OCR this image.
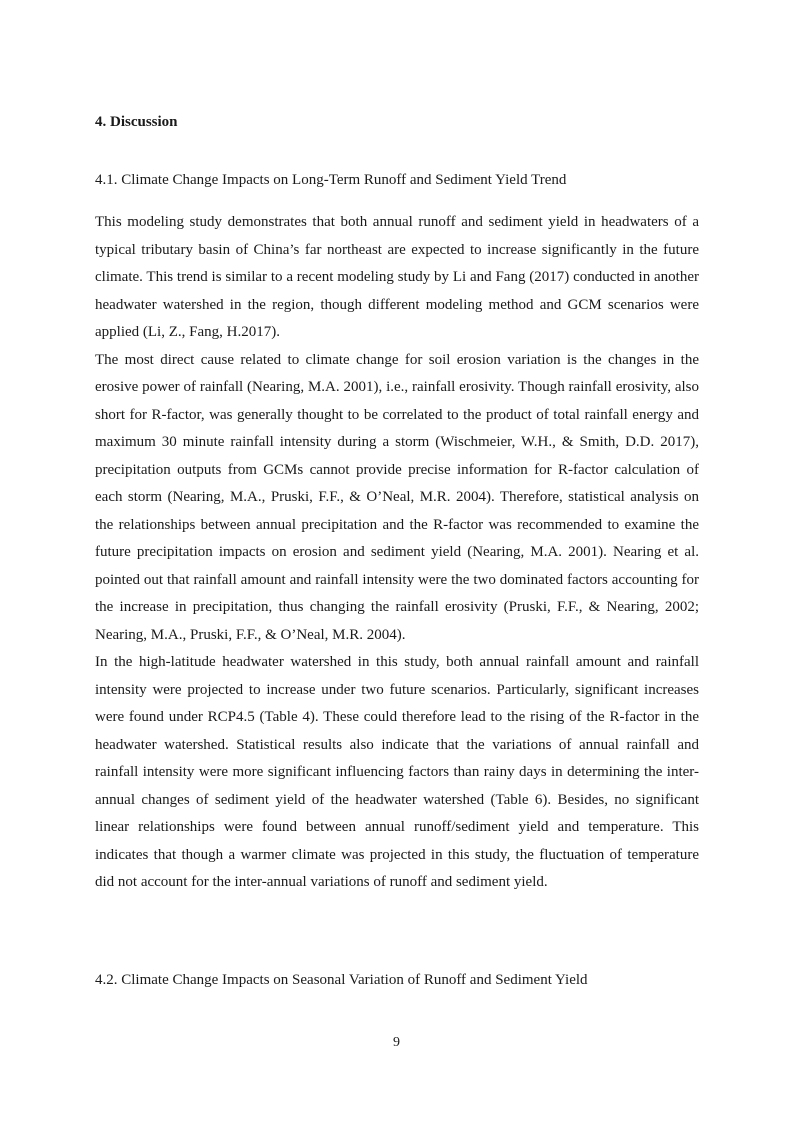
4. Discussion
4.1. Climate Change Impacts on Long-Term Runoff and Sediment Yield Trend

This modeling study demonstrates that both annual runoff and sediment yield in headwaters of a typical tributary basin of China’s far northeast are expected to increase significantly in the future climate. This trend is similar to a recent modeling study by Li and Fang (2017) conducted in another headwater watershed in the region, though different modeling method and GCM scenarios were applied (Li, Z., Fang, H.2017).

The most direct cause related to climate change for soil erosion variation is the changes in the erosive power of rainfall (Nearing, M.A. 2001), i.e., rainfall erosivity. Though rainfall erosivity, also short for R-factor, was generally thought to be correlated to the product of total rainfall energy and maximum 30 minute rainfall intensity during a storm (Wischmeier, W.H., & Smith, D.D. 2017), precipitation outputs from GCMs cannot provide precise information for R-factor calculation of each storm (Nearing, M.A., Pruski, F.F., & O’Neal, M.R. 2004). Therefore, statistical analysis on the relationships between annual precipitation and the R-factor was recommended to examine the future precipitation impacts on erosion and sediment yield (Nearing, M.A. 2001). Nearing et al. pointed out that rainfall amount and rainfall intensity were the two dominated factors accounting for the increase in precipitation, thus changing the rainfall erosivity (Pruski, F.F., & Nearing, 2002; Nearing, M.A., Pruski, F.F., & O’Neal, M.R. 2004).

In the high-latitude headwater watershed in this study, both annual rainfall amount and rainfall intensity were projected to increase under two future scenarios. Particularly, significant increases were found under RCP4.5 (Table 4). These could therefore lead to the rising of the R-factor in the headwater watershed. Statistical results also indicate that the variations of annual rainfall and rainfall intensity were more significant influencing factors than rainy days in determining the inter-annual changes of sediment yield of the headwater watershed (Table 6). Besides, no significant linear relationships were found between annual runoff/sediment yield and temperature. This indicates that though a warmer climate was projected in this study, the fluctuation of temperature did not account for the inter-annual variations of runoff and sediment yield.

4.2. Climate Change Impacts on Seasonal Variation of Runoff and Sediment Yield
9
